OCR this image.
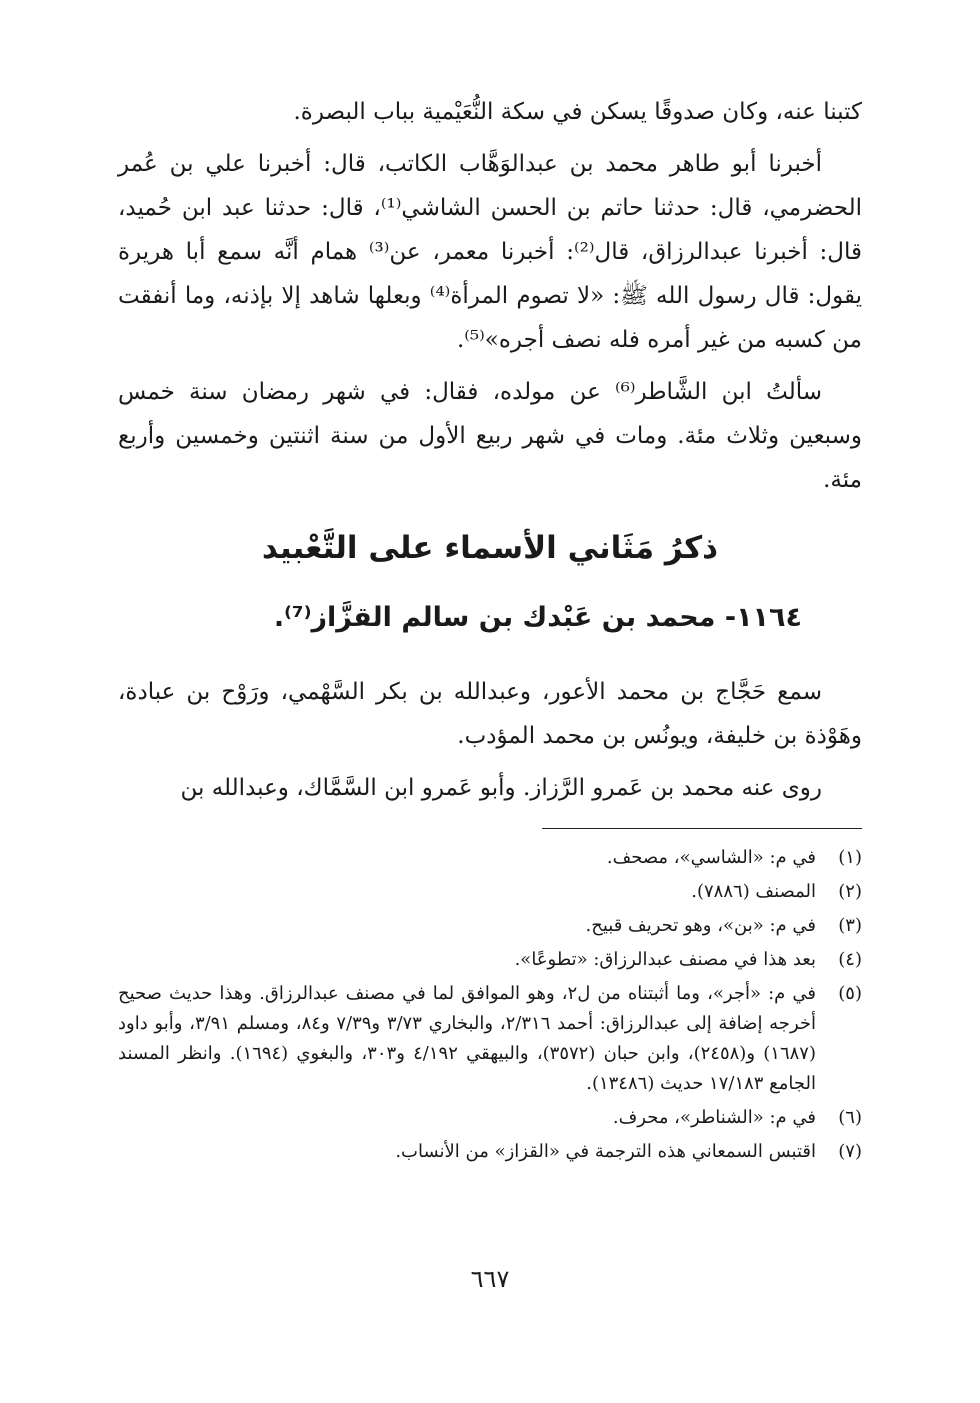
كتبنا عنه، وكان صدوقًا يسكن في سكة النُّعَيْمية بباب البصرة.

أخبرنا أبو طاهر محمد بن عبدالوَهَّاب الكاتب، قال: أخبرنا علي بن عُمر الحضرمي، قال: حدثنا حاتم بن الحسن الشاشي⁽¹⁾، قال: حدثنا عبد ابن حُميد، قال: أخبرنا عبدالرزاق، قال⁽²⁾: أخبرنا معمر، عن⁽³⁾ همام أنَّه سمع أبا هريرة يقول: قال رسول الله ﷺ: «لا تصوم المرأة⁽⁴⁾ وبعلها شاهد إلا بإذنه، وما أنفقت من كسبه من غير أمره فله نصف أجره»⁽⁵⁾.

سألتُ ابن الشَّاطر⁽⁶⁾ عن مولده، فقال: في شهر رمضان سنة خمس وسبعين وثلاث مئة. ومات في شهر ربيع الأول من سنة اثنتين وخمسين وأربع مئة.

ذكرُ مَثَاني الأسماء على التَّعْبيد
١١٦٤- محمد بن عَبْدك بن سالم القزَّاز⁽⁷⁾.

سمع حَجَّاج بن محمد الأعور، وعبدالله بن بكر السَّهْمي، ورَوْح بن عبادة، وهَوْذة بن خليفة، ويونُس بن محمد المؤدب.

روى عنه محمد بن عَمرو الرَّزاز. وأبو عَمرو ابن السَّمَّاك، وعبدالله بن

(١)
في م: «الشاسي»، مصحف.
(٢)
المصنف (٧٨٨٦).
(٣)
في م: «بن»، وهو تحريف قبيح.
(٤)
بعد هذا في مصنف عبدالرزاق: «تطوعًا».
(٥)
في م: «أجر»، وما أثبتناه من ل٢، وهو الموافق لما في مصنف عبدالرزاق. وهذا حديث صحيح أخرجه إضافة إلى عبدالرزاق: أحمد ٢/٣١٦، والبخاري ٣/٧٣ و٧/٣٩ و٨٤، ومسلم ٣/٩١، وأبو داود (١٦٨٧) و(٢٤٥٨)، وابن حبان (٣٥٧٢)، والبيهقي ٤/١٩٢ و٣٠٣، والبغوي (١٦٩٤). وانظر المسند الجامع ١٧/١٨٣ حديث (١٣٤٨٦).
(٦)
في م: «الشناطر»، محرف.
(٧)
اقتبس السمعاني هذه الترجمة في «القزاز» من الأنساب.
٦٦٧
